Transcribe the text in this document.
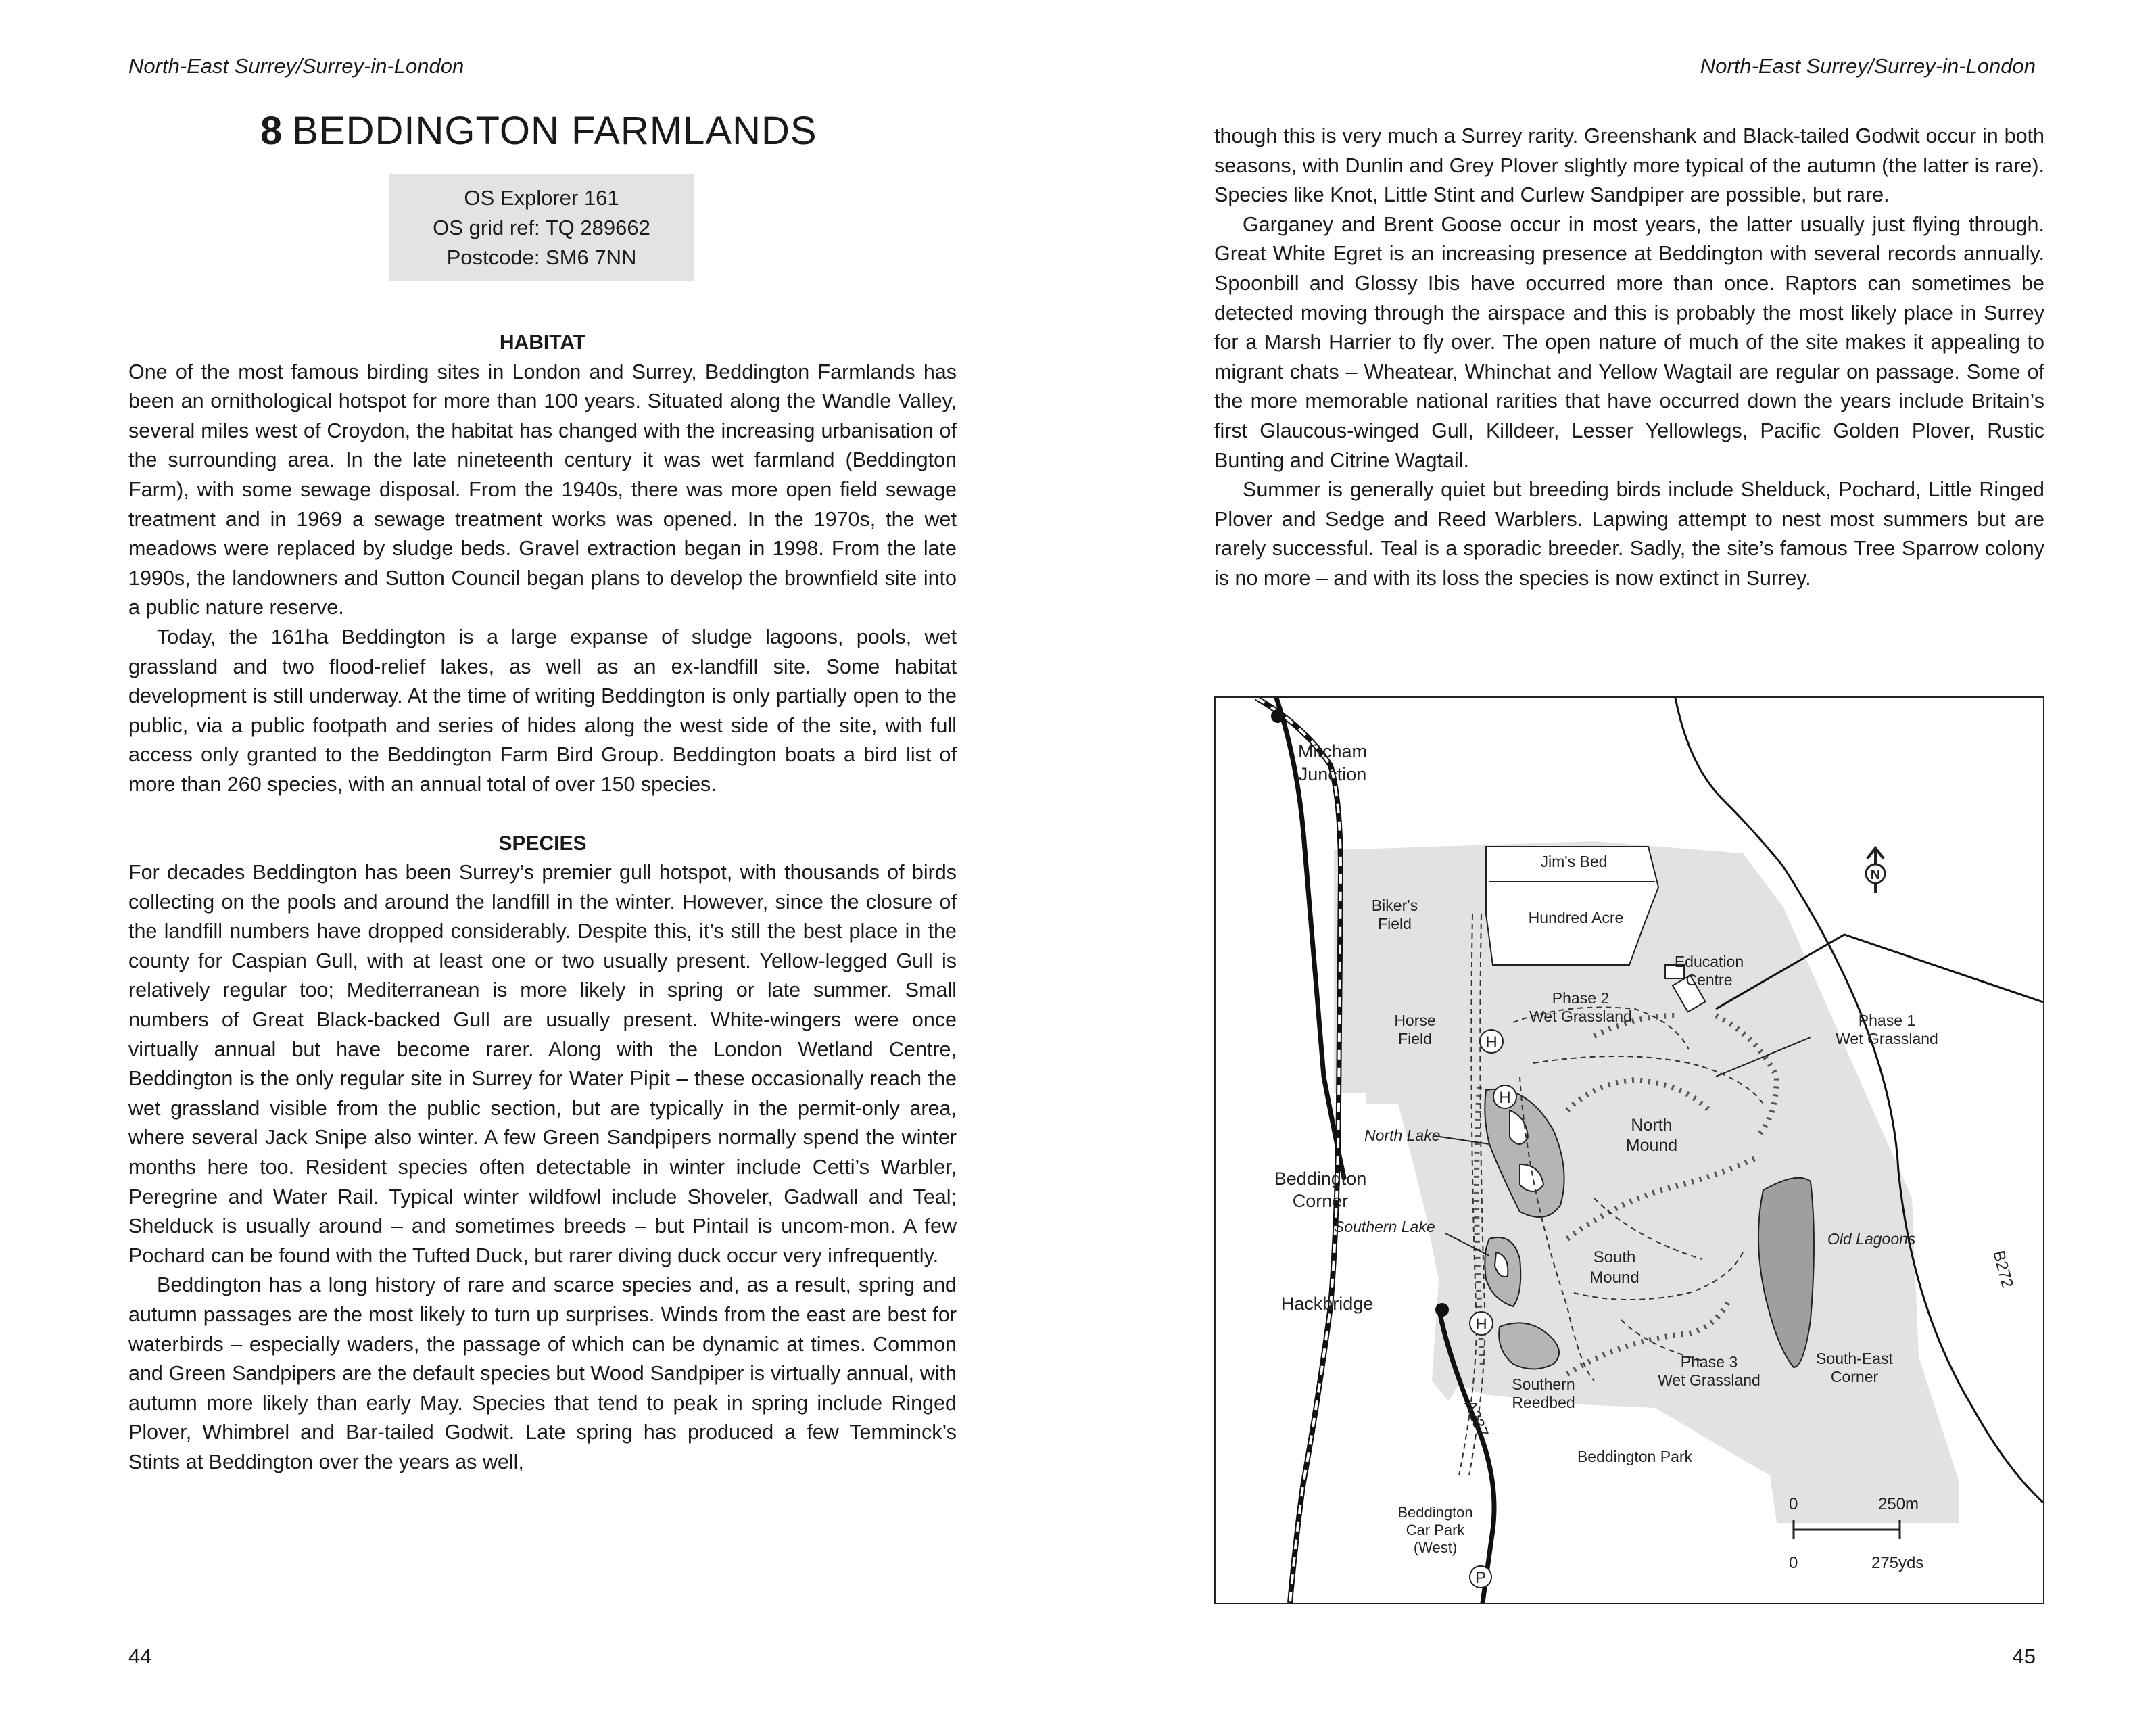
North-East Surrey/Surrey-in-London
8 BEDDINGTON FARMLANDS
OS Explorer 161
OS grid ref: TQ 289662
Postcode: SM6 7NN
HABITAT

One of the most famous birding sites in London and Surrey, Beddington Farmlands has been an ornithological hotspot for more than 100 years. Situated along the Wandle Valley, several miles west of Croydon, the habitat has changed with the increasing urbanisation of the surrounding area. In the late nineteenth century it was wet farmland (Beddington Farm), with some sewage disposal. From the 1940s, there was more open field sewage treatment and in 1969 a sewage treatment works was opened. In the 1970s, the wet meadows were replaced by sludge beds. Gravel extraction began in 1998. From the late 1990s, the landowners and Sutton Council began plans to develop the brownfield site into a public nature reserve.

Today, the 161ha Beddington is a large expanse of sludge lagoons, pools, wet grassland and two flood-relief lakes, as well as an ex-landfill site. Some habitat development is still underway. At the time of writing Beddington is only partially open to the public, via a public footpath and series of hides along the west side of the site, with full access only granted to the Beddington Farm Bird Group. Beddington boats a bird list of more than 260 species, with an annual total of over 150 species.

SPECIES

For decades Beddington has been Surrey’s premier gull hotspot, with thousands of birds collecting on the pools and around the landfill in the winter. However, since the closure of the landfill numbers have dropped considerably. Despite this, it’s still the best place in the county for Caspian Gull, with at least one or two usually present. Yellow-legged Gull is relatively regular too; Mediterranean is more likely in spring or late summer. Small numbers of Great Black-backed Gull are usually present. White-wingers were once virtually annual but have become rarer. Along with the London Wetland Centre, Beddington is the only regular site in Surrey for Water Pipit – these occasionally reach the wet grassland visible from the public section, but are typically in the permit-only area, where several Jack Snipe also winter. A few Green Sandpipers normally spend the winter months here too. Resident species often detectable in winter include Cetti’s Warbler, Peregrine and Water Rail. Typical winter wildfowl include Shoveler, Gadwall and Teal; Shelduck is usually around – and sometimes breeds – but Pintail is uncom-mon. A few Pochard can be found with the Tufted Duck, but rarer diving duck occur very infrequently.

Beddington has a long history of rare and scarce species and, as a result, spring and autumn passages are the most likely to turn up surprises. Winds from the east are best for waterbirds – especially waders, the passage of which can be dynamic at times. Common and Green Sandpipers are the default species but Wood Sandpiper is virtually annual, with autumn more likely than early May. Species that tend to peak in spring include Ringed Plover, Whimbrel and Bar-tailed Godwit. Late spring has produced a few Temminck’s Stints at Beddington over the years as well,

44
North-East Surrey/Surrey-in-London

though this is very much a Surrey rarity. Greenshank and Black-tailed Godwit occur in both seasons, with Dunlin and Grey Plover slightly more typical of the autumn (the latter is rare). Species like Knot, Little Stint and Curlew Sandpiper are possible, but rare.

Garganey and Brent Goose occur in most years, the latter usually just flying through. Great White Egret is an increasing presence at Beddington with several records annually. Spoonbill and Glossy Ibis have occurred more than once. Raptors can sometimes be detected moving through the airspace and this is probably the most likely place in Surrey for a Marsh Harrier to fly over. The open nature of much of the site makes it appealing to migrant chats – Wheatear, Whinchat and Yellow Wagtail are regular on passage. Some of the more memorable national rarities that have occurred down the years include Britain’s first Glaucous-winged Gull, Killdeer, Lesser Yellowlegs, Pacific Golden Plover, Rustic Bunting and Citrine Wagtail.

Summer is generally quiet but breeding birds include Shelduck, Pochard, Little Ringed Plover and Sedge and Reed Warblers. Lapwing attempt to nest most summers but are rarely successful. Teal is a sporadic breeder. Sadly, the site’s famous Tree Sparrow colony is no more – and with its loss the species is now extinct in Surrey.

H
H
H
P
N
0	250m
0	275yds
Mitcham
Junction
Jim's Bed
Biker's
Field	Hundred Acre
Education
Centre
Phase 2
Wet Grassland
Horse
Field
Phase 1
Wet Grassland
North Lake
North
Mound
Beddington
Corner
Southern Lake
Old Lagoons
South
Mound
Hackbridge
B272
Phase 3
Wet Grassland
South-East
Corner
Southern
Reedbed
A237
Beddington Park
Beddington
Car Park
(West)
45
